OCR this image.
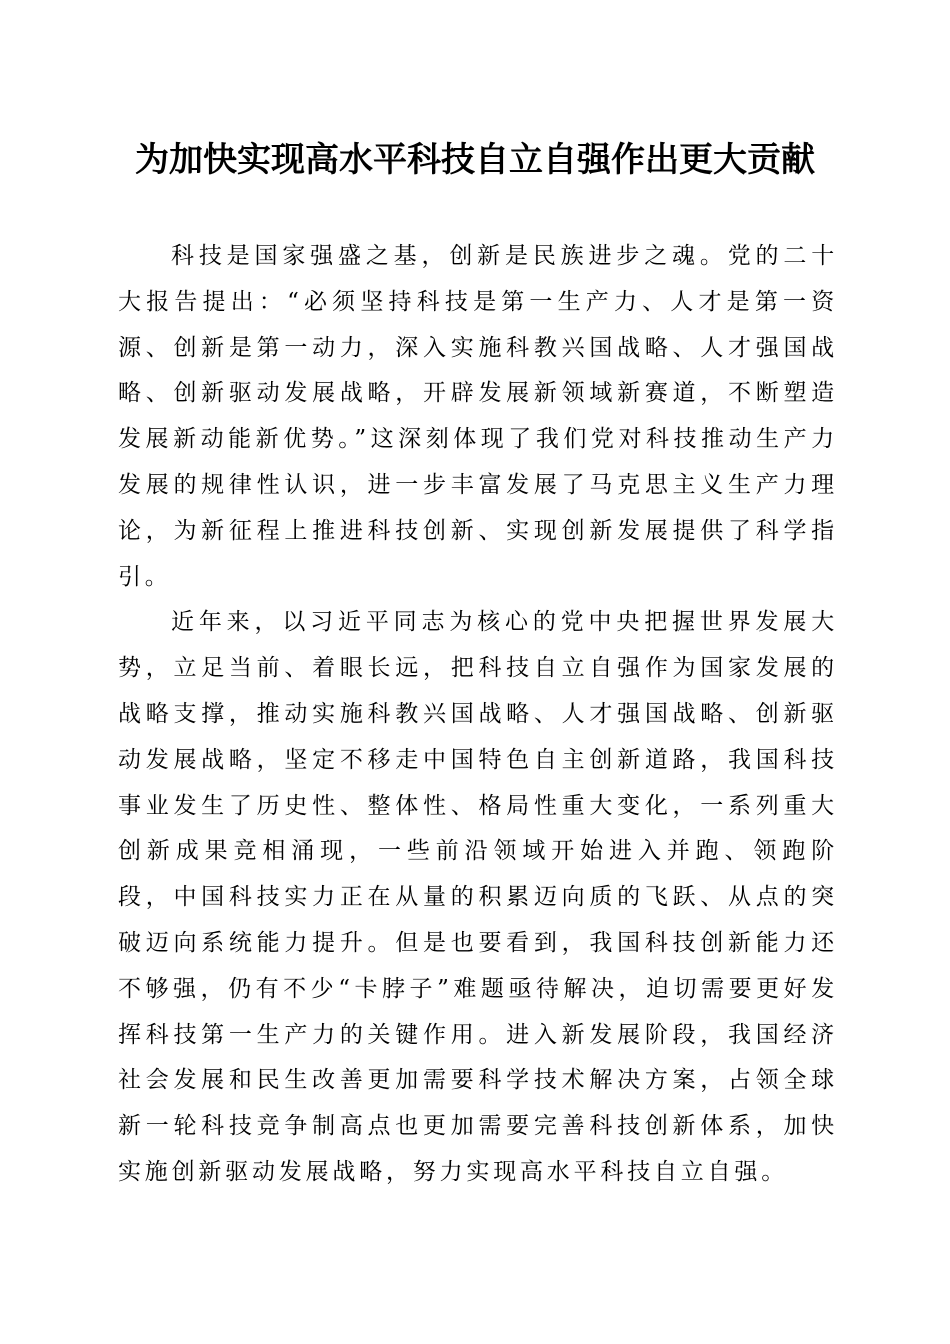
为加快实现高水平科技自立自强作出更大贡献

科技是国家强盛之基，创新是民族进步之魂。党的二十大报告提出：“必须坚持科技是第一生产力、人才是第一资源、创新是第一动力，深入实施科教兴国战略、人才强国战略、创新驱动发展战略，开辟发展新领域新赛道，不断塑造发展新动能新优势。”这深刻体现了我们党对科技推动生产力发展的规律性认识，进一步丰富发展了马克思主义生产力理论，为新征程上推进科技创新、实现创新发展提供了科学指引。

近年来，以习近平同志为核心的党中央把握世界发展大势，立足当前、着眼长远，把科技自立自强作为国家发展的战略支撑，推动实施科教兴国战略、人才强国战略、创新驱动发展战略，坚定不移走中国特色自主创新道路，我国科技事业发生了历史性、整体性、格局性重大变化，一系列重大创新成果竞相涌现，一些前沿领域开始进入并跑、领跑阶段，中国科技实力正在从量的积累迈向质的飞跃、从点的突破迈向系统能力提升。但是也要看到，我国科技创新能力还不够强，仍有不少“卡脖子”难题亟待解决，迫切需要更好发挥科技第一生产力的关键作用。进入新发展阶段，我国经济社会发展和民生改善更加需要科学技术解决方案，占领全球新一轮科技竞争制高点也更加需要完善科技创新体系，加快实施创新驱动发展战略，努力实现高水平科技自立自强。
